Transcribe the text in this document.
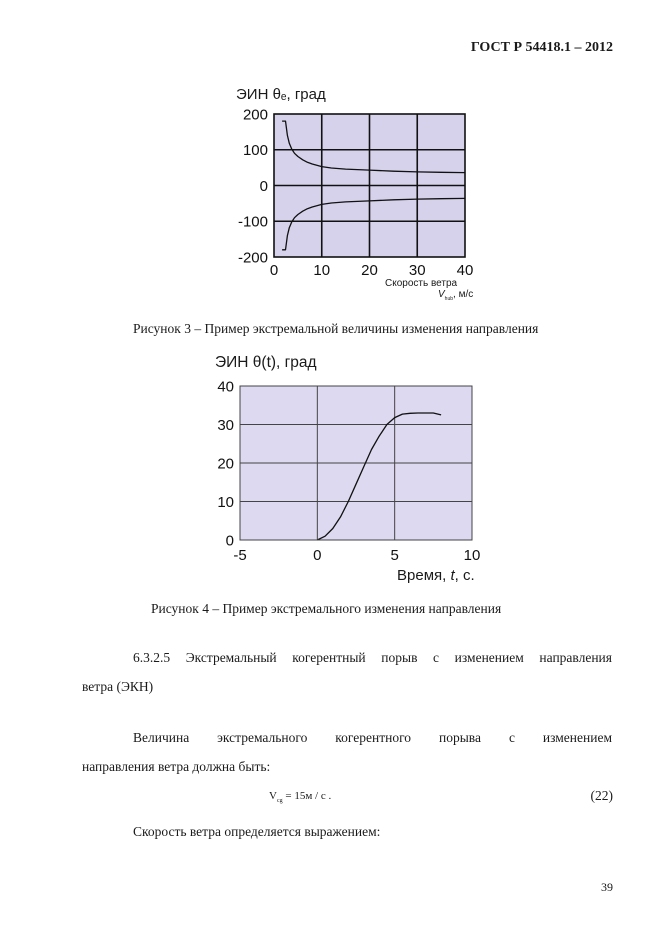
ГОСТ Р 54418.1 – 2012
ЭИН θₑ, град
0 10 20 30 40
200
100
0
-100
-200
Скорость ветра
$V_{hub}$, м/с
Рисунок 3 – Пример экстремальной величины изменения направления
ЭИН θ(t), град
-5	0	5	10
40
30
20
10
0
Время, t, с.
Рисунок 4 – Пример экстремального изменения направления
6.3.2.5 Экстремальный когерентный порыв с изменением направления
ветра (ЭКН)
Величина экстремального когерентного порыва с изменением
направления ветра должна быть:
$V_{cg} = 15м / с$ .	(22)
Скорость ветра определяется выражением:
39
